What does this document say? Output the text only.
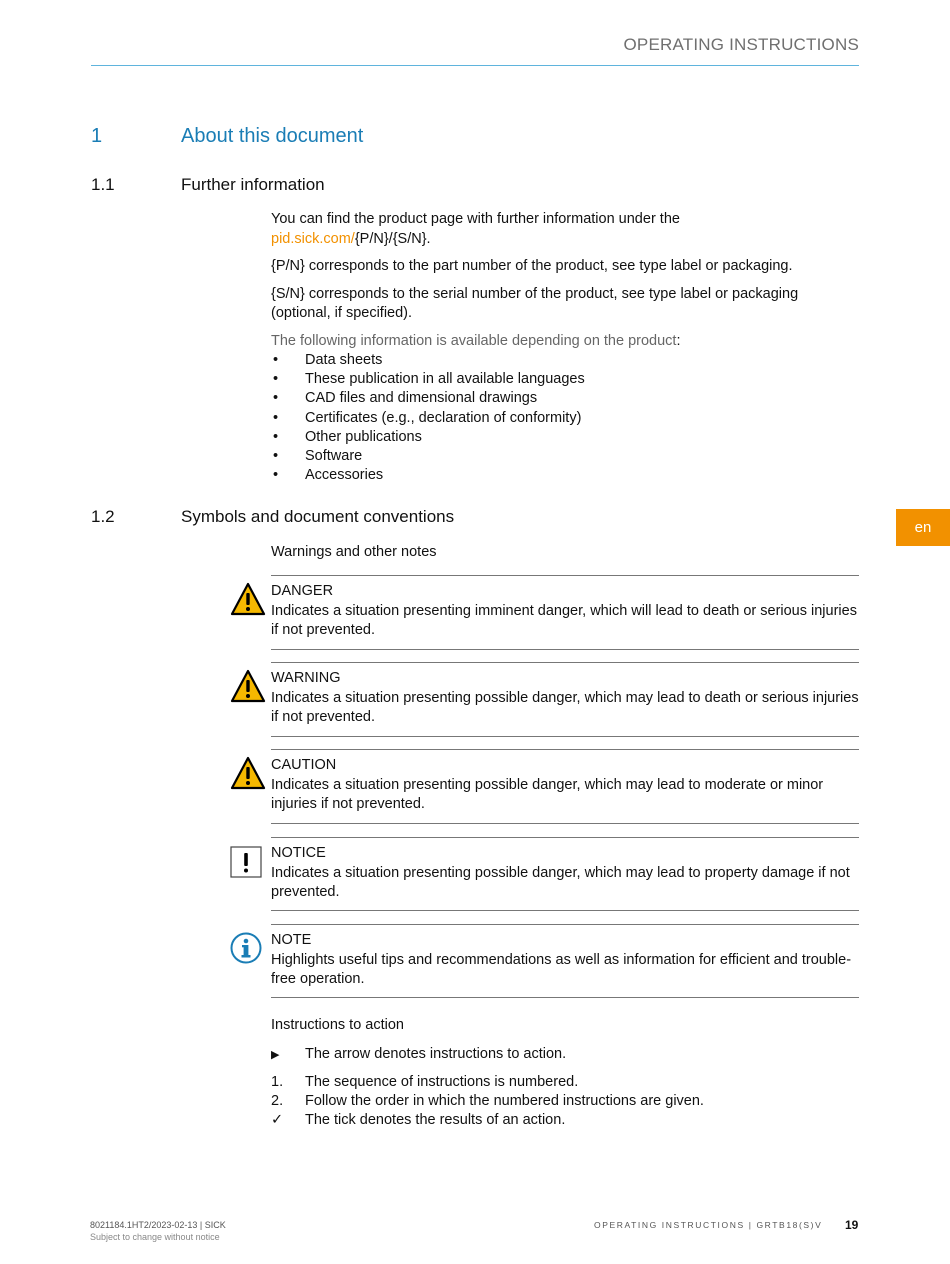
OPERATING INSTRUCTIONS
1	About this document
1.1	Further information

You can find the product page with further information under the
pid.sick.com/{P/N}/{S/N}.

{P/N} corresponds to the part number of the product, see type label or packaging.

{S/N} corresponds to the serial number of the product, see type label or packaging (optional, if specified).

The following information is available depending on the product:

• Data sheets
• These publication in all available languages
• CAD files and dimensional drawings
• Certificates (e.g., declaration of conformity)
• Other publications
• Software
• Accessories
en
1.2	Symbols and document conventions
Warnings and other notes
DANGER
Indicates a situation presenting imminent danger, which will lead to death or serious injuries if not prevented.
WARNING
Indicates a situation presenting possible danger, which may lead to death or serious injuries if not prevented.
CAUTION
Indicates a situation presenting possible danger, which may lead to moderate or minor injuries if not prevented.
NOTICE
Indicates a situation presenting possible danger, which may lead to property damage if not prevented.
NOTE
Highlights useful tips and recommendations as well as information for efficient and trouble-free operation.
Instructions to action
▶ The arrow denotes instructions to action.
1. The sequence of instructions is numbered.
2. Follow the order in which the numbered instructions are given.
✓ The tick denotes the results of an action.
8021184.1HT2/2023-02-13 | SICK
Subject to change without notice
OPERATING INSTRUCTIONS | GRTB18(S)V 19
